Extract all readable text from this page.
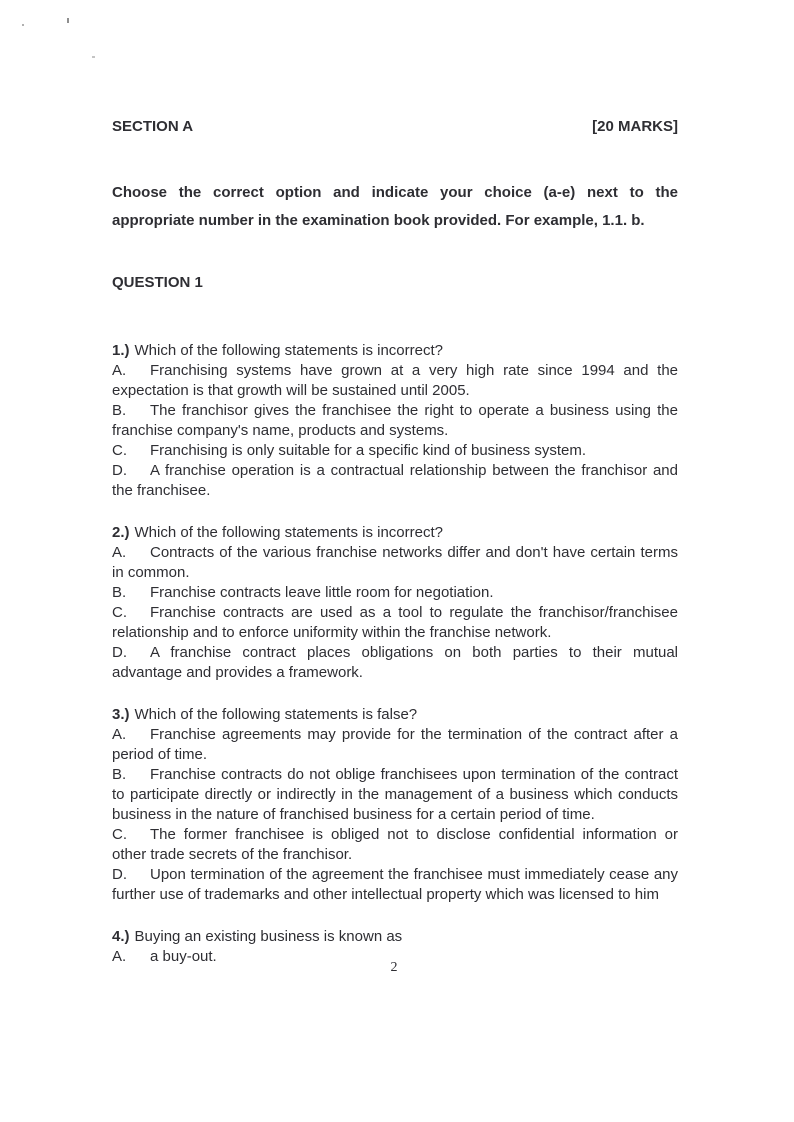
SECTION A	[20 MARKS]

Choose the correct option and indicate your choice (a-e) next to the appropriate number in the examination book provided. For example, 1.1. b.

QUESTION 1

1.) Which of the following statements is incorrect?

A. Franchising systems have grown at a very high rate since 1994 and the expectation is that growth will be sustained until 2005.

B. The franchisor gives the franchisee the right to operate a business using the franchise company's name, products and systems.

C. Franchising is only suitable for a specific kind of business system.

D. A franchise operation is a contractual relationship between the franchisor and the franchisee.

2.) Which of the following statements is incorrect?

A. Contracts of the various franchise networks differ and don't have certain terms in common.

B. Franchise contracts leave little room for negotiation.

C. Franchise contracts are used as a tool to regulate the franchisor/franchisee relationship and to enforce uniformity within the franchise network.

D. A franchise contract places obligations on both parties to their mutual advantage and provides a framework.

3.) Which of the following statements is false?

A. Franchise agreements may provide for the termination of the contract after a period of time.

B. Franchise contracts do not oblige franchisees upon termination of the contract to participate directly or indirectly in the management of a business which conducts business in the nature of franchised business for a certain period of time.

C. The former franchisee is obliged not to disclose confidential information or other trade secrets of the franchisor.

D. Upon termination of the agreement the franchisee must immediately cease any further use of trademarks and other intellectual property which was licensed to him

4.) Buying an existing business is known as

A. a buy-out.

2
